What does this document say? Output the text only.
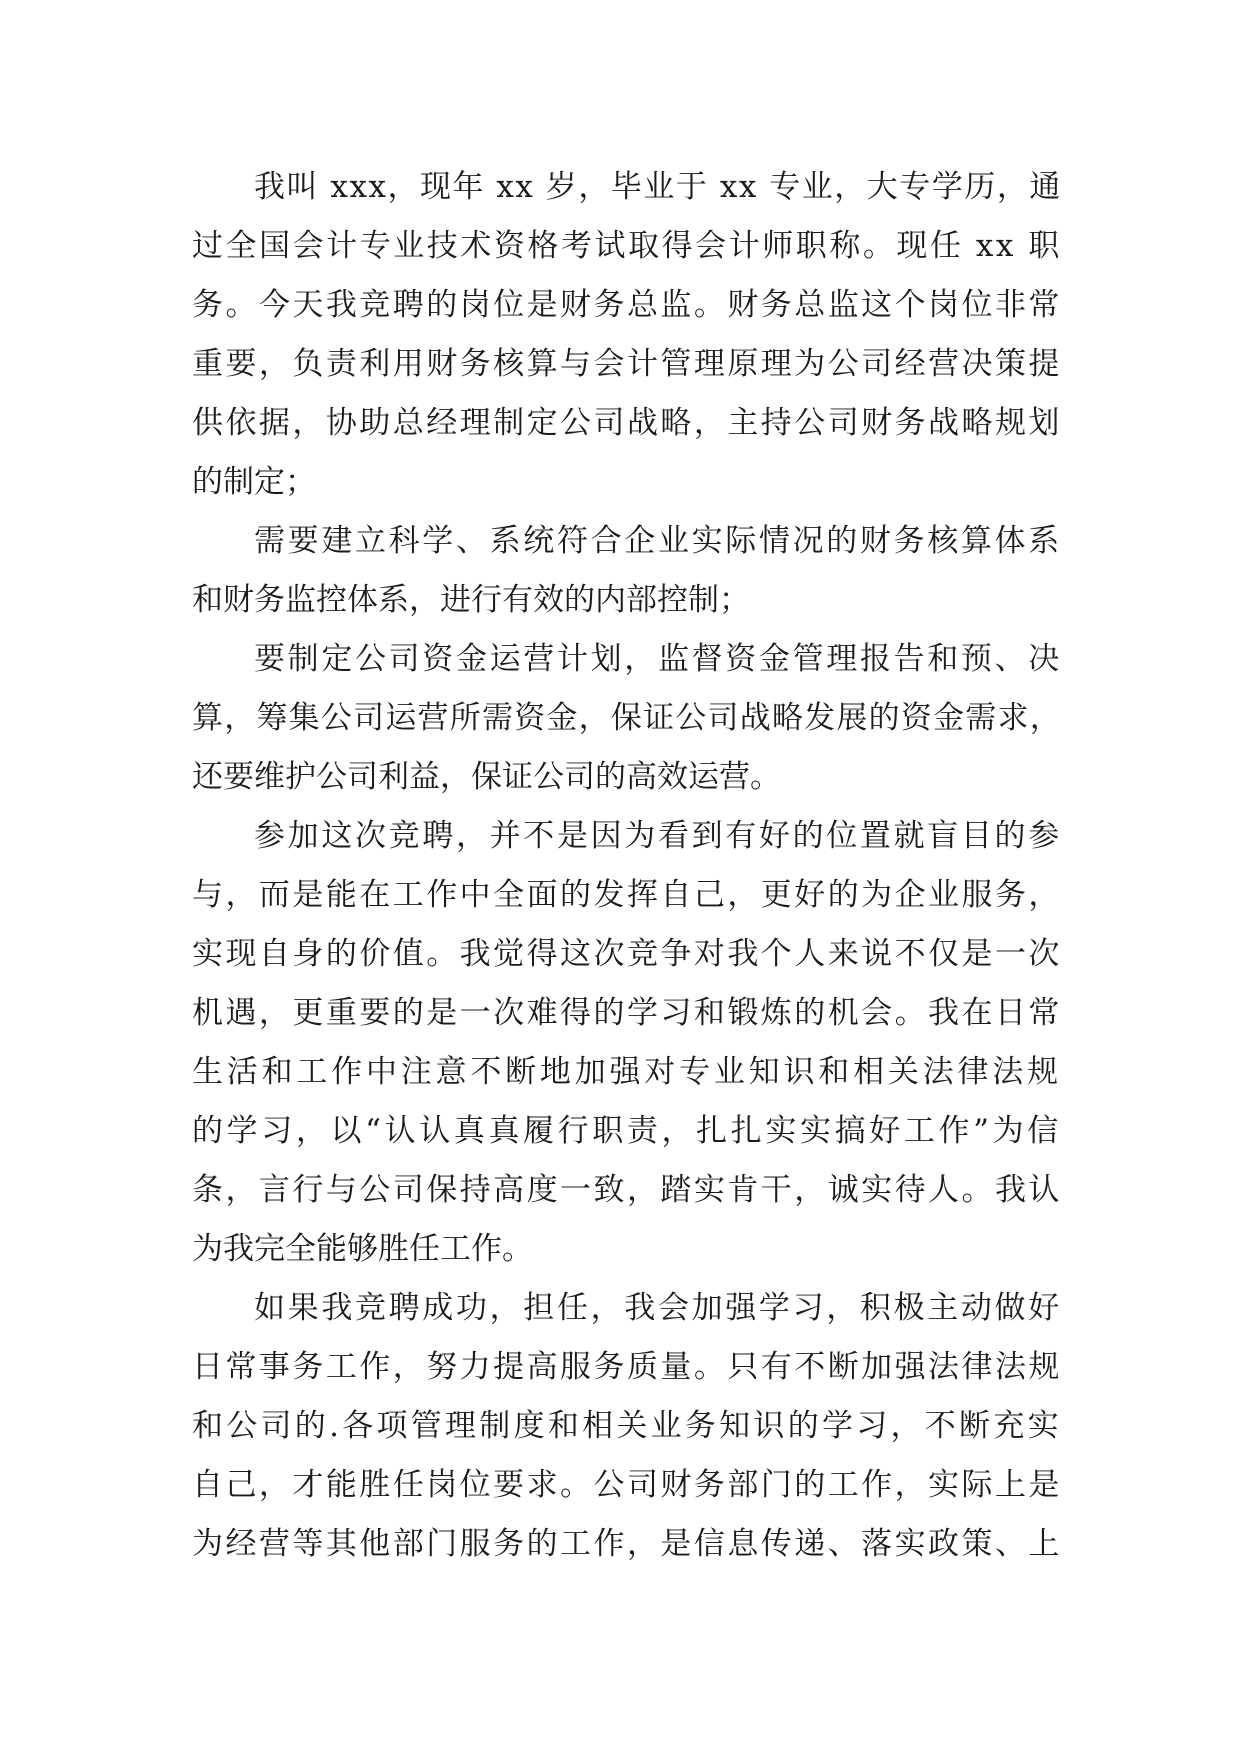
我叫 xxx，现年 xx 岁，毕业于 xx 专业，大专学历，通
过全国会计专业技术资格考试取得会计师职称。现任 xx 职
务。今天我竞聘的岗位是财务总监。财务总监这个岗位非常
重要，负责利用财务核算与会计管理原理为公司经营决策提
供依据，协助总经理制定公司战略，主持公司财务战略规划
的制定；
需要建立科学、系统符合企业实际情况的财务核算体系
和财务监控体系，进行有效的内部控制；
要制定公司资金运营计划，监督资金管理报告和预、决
算，筹集公司运营所需资金，保证公司战略发展的资金需求，
还要维护公司利益，保证公司的高效运营。
参加这次竞聘，并不是因为看到有好的位置就盲目的参
与，而是能在工作中全面的发挥自己，更好的为企业服务，
实现自身的价值。我觉得这次竞争对我个人来说不仅是一次
机遇，更重要的是一次难得的学习和锻炼的机会。我在日常
生活和工作中注意不断地加强对专业知识和相关法律法规
的学习，以“认认真真履行职责，扎扎实实搞好工作”为信
条，言行与公司保持高度一致，踏实肯干，诚实待人。我认
为我完全能够胜任工作。
如果我竞聘成功，担任，我会加强学习，积极主动做好
日常事务工作，努力提高服务质量。只有不断加强法律法规
和公司的.各项管理制度和相关业务知识的学习，不断充实
自己，才能胜任岗位要求。公司财务部门的工作，实际上是
为经营等其他部门服务的工作，是信息传递、落实政策、上
